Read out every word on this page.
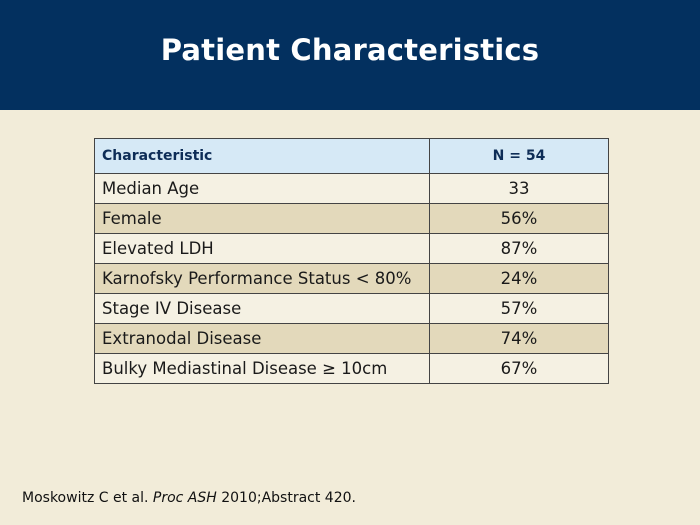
Patient Characteristics
Characteristic	N = 54
Median Age	33
Female	56%
Elevated LDH	87%
Karnofsky Performance Status < 80%	24%
Stage IV Disease	57%
Extranodal Disease	74%
Bulky Mediastinal Disease ≥ 10cm	67%
Moskowitz C et al. Proc ASH 2010;Abstract 420.
